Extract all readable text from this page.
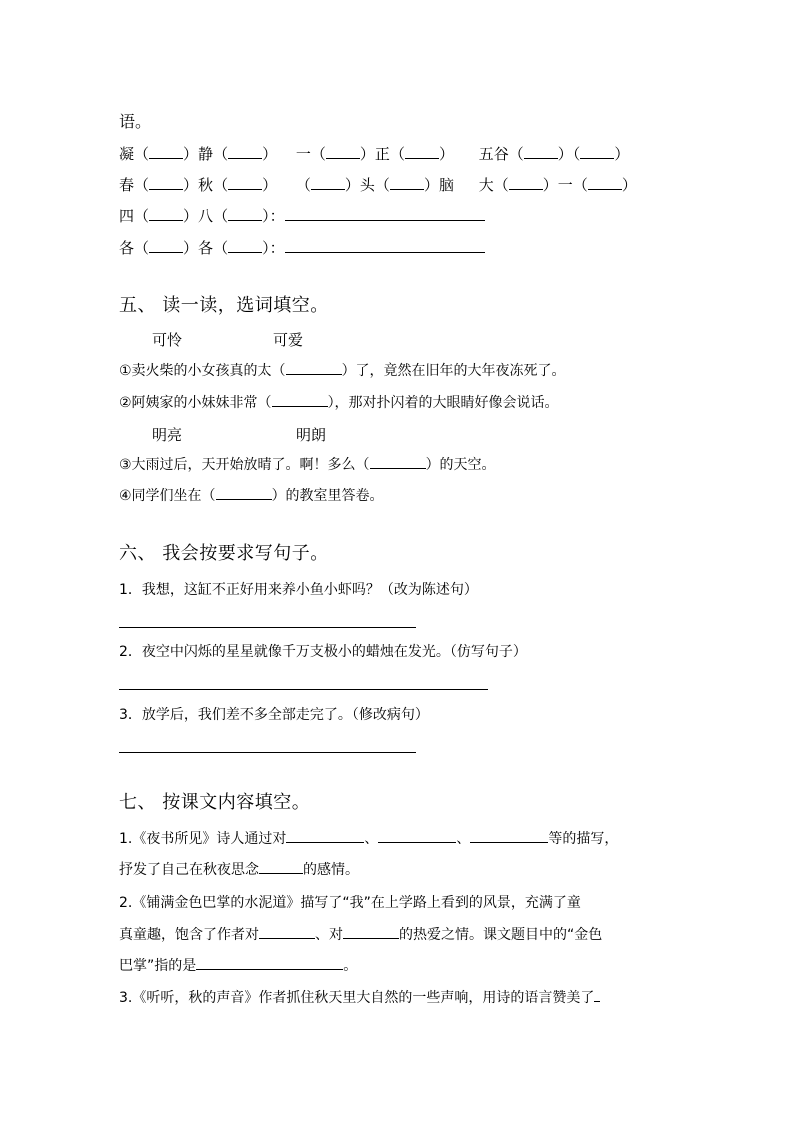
语。
凝（ ）静（ ） 一（ ）正（ ） 五谷（ ）（ ）
春（ ）秋（ ） （ ）头（ ）脑 大（ ）一（ ）
四（ ）八（ ）：
各（ ）各（ ）：
五、 读一读，选词填空。
可怜	可爱
①卖火柴的小女孩真的太（	）了，竟然在旧年的大年夜冻死了。
②阿姨家的小妹妹非常（	），那对扑闪着的大眼睛好像会说话。
明亮	明朗
③大雨过后，天开始放晴了。啊！多么（	）的天空。
④同学们坐在（	）的教室里答卷。
六、 我会按要求写句子。
1．我想，这缸不正好用来养小鱼小虾吗？（改为陈述句）
2．夜空中闪烁的星星就像千万支极小的蜡烛在发光。（仿写句子）
3．放学后，我们差不多全部走完了。（修改病句）
七、 按课文内容填空。
1.《夜书所见》诗人通过对	、	、	等的描写，
抒发了自己在秋夜思念	的感情。
2.《铺满金色巴掌的水泥道》描写了“我”在上学路上看到的风景，充满了童
真童趣，饱含了作者对	、对	的热爱之情。课文题目中的“金色
巴掌”指的是	。
3.《听听，秋的声音》作者抓住秋天里大自然的一些声响，用诗的语言赞美了
